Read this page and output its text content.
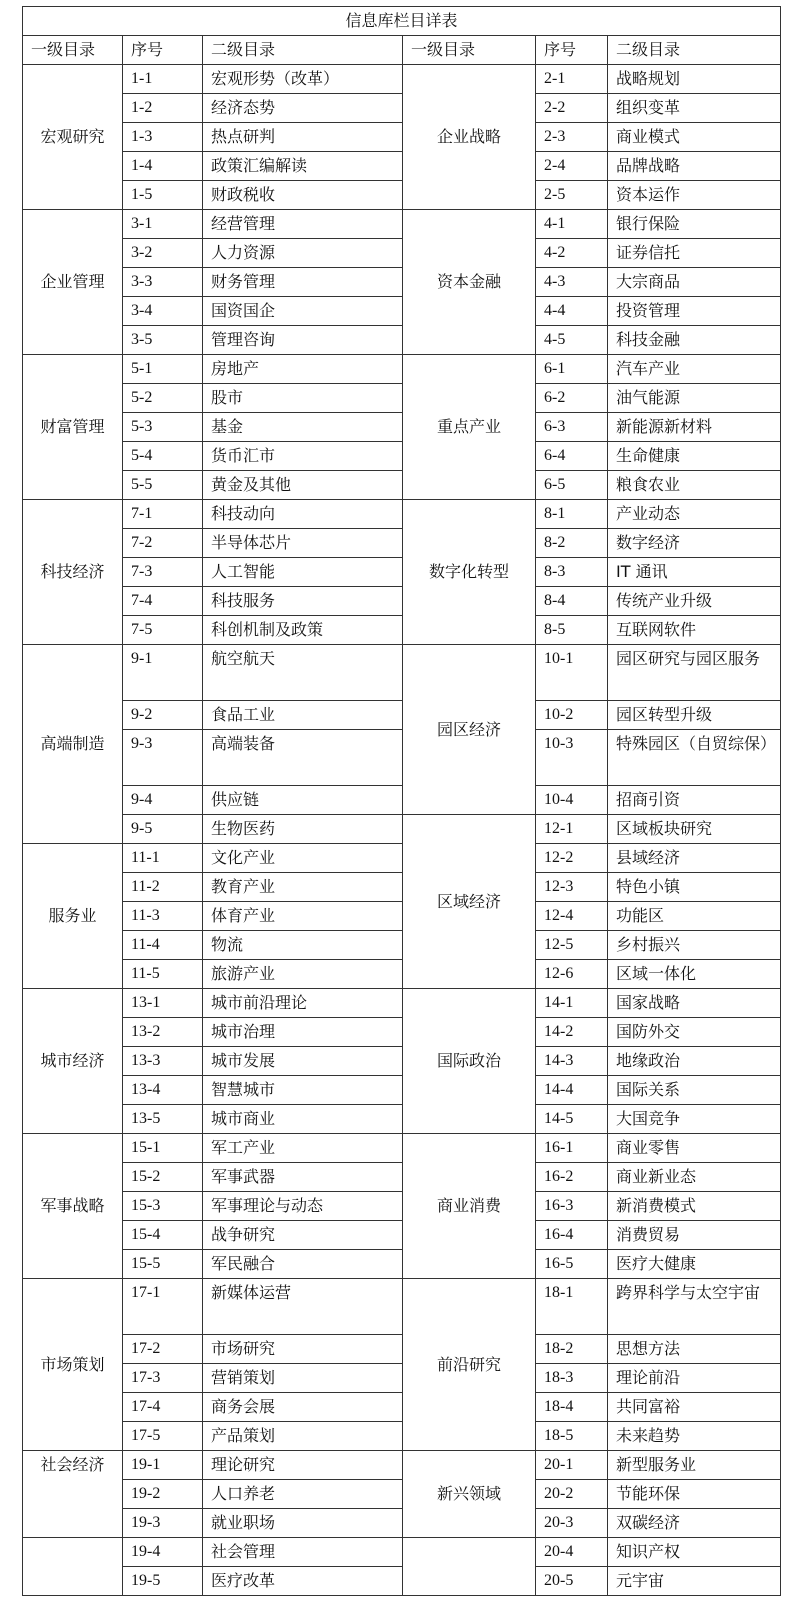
信息库栏目详表					
一级目录	序号	二级目录	一级目录	序号	二级目录
宏观研究	1-1	宏观形势（改革）	企业战略	2-1	战略规划
	1-2	经济态势		2-2	组织变革
	1-3	热点研判		2-3	商业模式
	1-4	政策汇编解读		2-4	品牌战略
	1-5	财政税收		2-5	资本运作
企业管理	3-1	经营管理	资本金融	4-1	银行保险
	3-2	人力资源		4-2	证券信托
	3-3	财务管理		4-3	大宗商品
	3-4	国资国企		4-4	投资管理
	3-5	管理咨询		4-5	科技金融
财富管理	5-1	房地产	重点产业	6-1	汽车产业
	5-2	股市		6-2	油气能源
	5-3	基金		6-3	新能源新材料
	5-4	货币汇市		6-4	生命健康
	5-5	黄金及其他		6-5	粮食农业
科技经济	7-1	科技动向	数字化转型	8-1	产业动态
	7-2	半导体芯片		8-2	数字经济
	7-3	人工智能		8-3	IT 通讯
	7-4	科技服务		8-4	传统产业升级
	7-5	科创机制及政策		8-5	互联网软件
高端制造	9-1	航空航天	园区经济	10-1	园区研究与园区服务
	9-2	食品工业		10-2	园区转型升级
	9-3	高端装备		10-3	特殊园区（自贸综保）
	9-4	供应链		10-4	招商引资
	9-5	生物医药	区域经济	12-1	区域板块研究
服务业	11-1	文化产业		12-2	县域经济
	11-2	教育产业		12-3	特色小镇
	11-3	体育产业		12-4	功能区
	11-4	物流		12-5	乡村振兴
	11-5	旅游产业		12-6	区域一体化
城市经济	13-1	城市前沿理论	国际政治	14-1	国家战略
	13-2	城市治理		14-2	国防外交
	13-3	城市发展		14-3	地缘政治
	13-4	智慧城市		14-4	国际关系
	13-5	城市商业		14-5	大国竞争
军事战略	15-1	军工产业	商业消费	16-1	商业零售
	15-2	军事武器		16-2	商业新业态
	15-3	军事理论与动态		16-3	新消费模式
	15-4	战争研究		16-4	消费贸易
	15-5	军民融合		16-5	医疗大健康
市场策划	17-1	新媒体运营	前沿研究	18-1	跨界科学与太空宇宙
	17-2	市场研究		18-2	思想方法
	17-3	营销策划		18-3	理论前沿
	17-4	商务会展		18-4	共同富裕
	17-5	产品策划		18-5	未来趋势
社会经济	19-1	理论研究	新兴领域	20-1	新型服务业
	19-2	人口养老		20-2	节能环保
	19-3	就业职场		20-3	双碳经济
	19-4	社会管理		20-4	知识产权
	19-5	医疗改革		20-5	元宇宙
